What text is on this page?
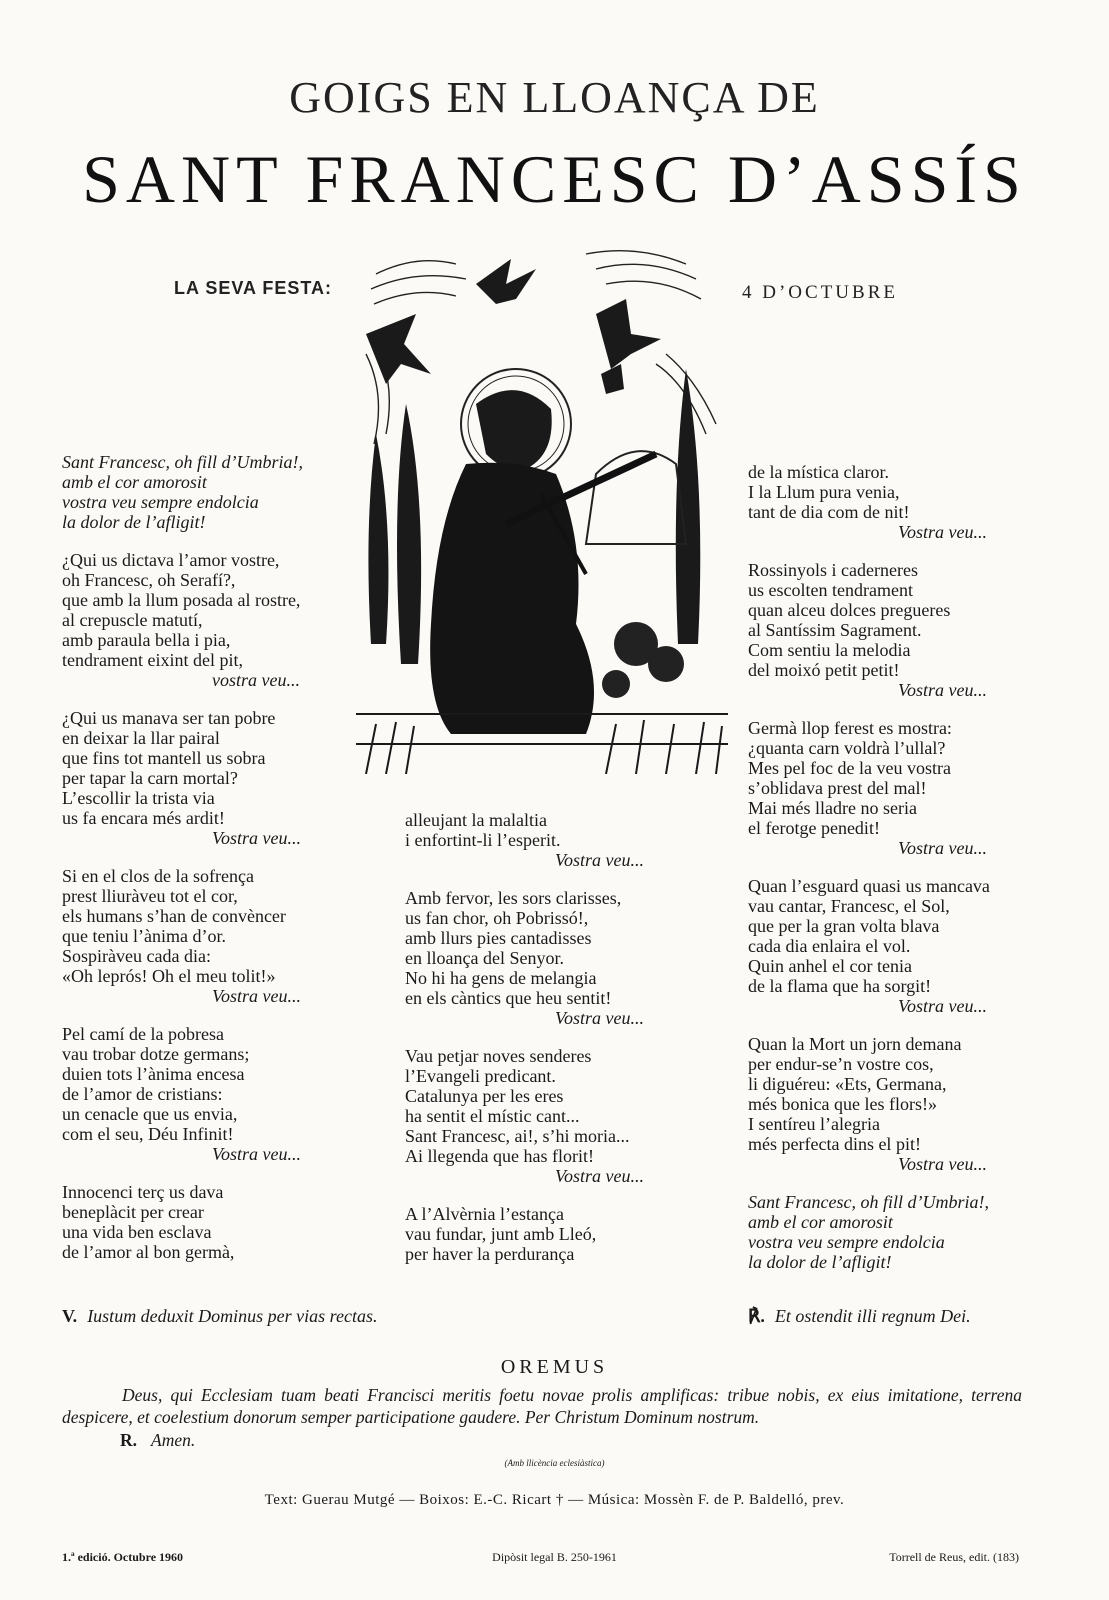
GOIGS EN LLOANÇA DE
SANT FRANCESC D’ASSÍS
LA SEVA FESTA:	4 D’OCTUBRE
Sant Francesc, oh fill d’Umbria!,
amb el cor amorosit
vostra veu sempre endolcia
la dolor de l’afligit!
¿Qui us dictava l’amor vostre,
oh Francesc, oh Serafí?,
que amb la llum posada al rostre,
al crepuscle matutí,
amb paraula bella i pia,
tendrament eixint del pit,
vostra veu...
¿Qui us manava ser tan pobre
en deixar la llar pairal
que fins tot mantell us sobra
per tapar la carn mortal?
L’escollir la trista via
us fa encara més ardit!
Vostra veu...
Si en el clos de la sofrença
prest lliuràveu tot el cor,
els humans s’han de convèncer
que teniu l’ànima d’or.
Sospiràveu cada dia:
«Oh leprós! Oh el meu tolit!»
Vostra veu...
Pel camí de la pobresa
vau trobar dotze germans;
duien tots l’ànima encesa
de l’amor de cristians:
un cenacle que us envia,
com el seu, Déu Infinit!
Vostra veu...
Innocenci terç us dava
beneplàcit per crear
una vida ben esclava
de l’amor al bon germà,
alleujant la malaltia
i enfortint-li l’esperit.
Vostra veu...
Amb fervor, les sors clarisses,
us fan chor, oh Pobrissó!,
amb llurs pies cantadisses
en lloança del Senyor.
No hi ha gens de melangia
en els càntics que heu sentit!
Vostra veu...
Vau petjar noves senderes
l’Evangeli predicant.
Catalunya per les eres
ha sentit el místic cant...
Sant Francesc, ai!, s’hi moria...
Ai llegenda que has florit!
Vostra veu...
A l’Alvèrnia l’estança
vau fundar, junt amb Lleó,
per haver la perdurança
de la mística claror.
I la Llum pura venia,
tant de dia com de nit!
Vostra veu...
Rossinyols i caderneres
us escolten tendrament
quan alceu dolces pregueres
al Santíssim Sagrament.
Com sentiu la melodia
del moixó petit petit!
Vostra veu...
Germà llop ferest es mostra:
¿quanta carn voldrà l’ullal?
Mes pel foc de la veu vostra
s’oblidava prest del mal!
Mai més lladre no seria
el ferotge penedit!
Vostra veu...
Quan l’esguard quasi us mancava
vau cantar, Francesc, el Sol,
que per la gran volta blava
cada dia enlaira el vol.
Quin anhel el cor tenia
de la flama que ha sorgit!
Vostra veu...
Quan la Mort un jorn demana
per endur-se’n vostre cos,
li diguéreu: «Ets, Germana,
més bonica que les flors!»
I sentíreu l’alegria
més perfecta dins el pit!
Vostra veu...
Sant Francesc, oh fill d’Umbria!,
amb el cor amorosit
vostra veu sempre endolcia
la dolor de l’afligit!
V. Iustum deduxit Dominus per vias rectas.	℟. Et ostendit illi regnum Dei.
OREMUS
Deus, qui Ecclesiam tuam beati Francisci meritis foetu novae prolis amplificas: tribue nobis, ex eius imitatione, terrena despicere, et coelestium donorum semper participatione gaudere. Per Christum Dominum nostrum.
R. Amen.
(Amb llicència eclesiàstica)
Text: Guerau Mutgé — Boixos: E.-C. Ricart † — Música: Mossèn F. de P. Baldelló, prev.
1.ª edició. Octubre 1960	Dipòsit legal B. 250-1961	Torrell de Reus, edit. (183)
